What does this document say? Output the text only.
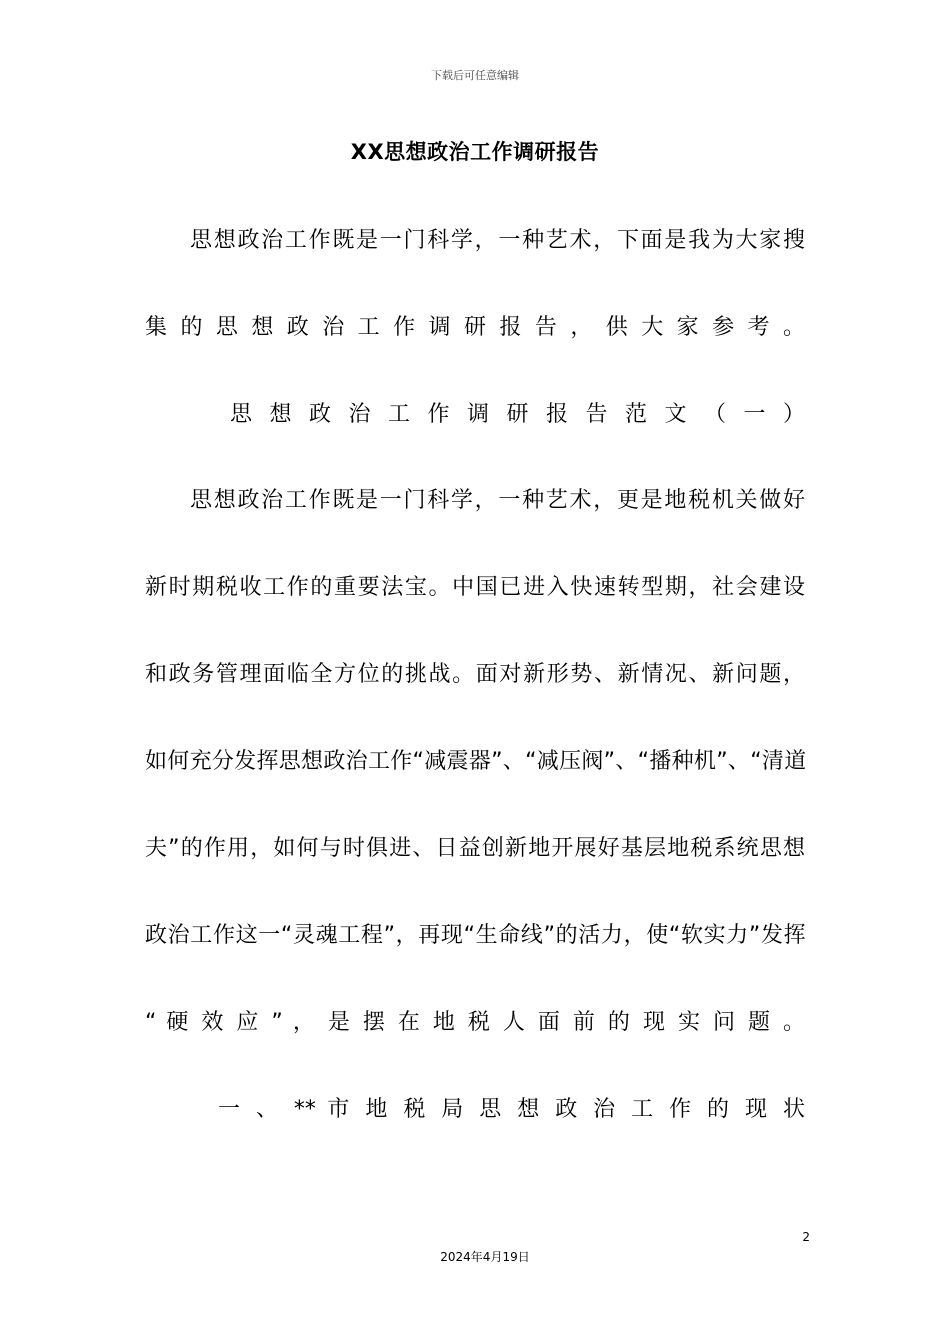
下载后可任意编辑
XX思想政治工作调研报告
思想政治工作既是一门科学，一种艺术，下面是我为大家搜
集 的 思 想 政 治 工 作 调 研 报 告 ， 供 大 家 参 考 。
思 想 政 治 工 作 调 研 报 告 范 文 （ 一 ）
思想政治工作既是一门科学，一种艺术，更是地税机关做好
新时期税收工作的重要法宝。中国已进入快速转型期，社会建设
和政务管理面临全方位的挑战。面对新形势、新情况、新问题，
如何充分发挥思想政治工作“减震器”、“减压阀”、“播种机”、“清道
夫”的作用，如何与时俱进、日益创新地开展好基层地税系统思想
政治工作这一“灵魂工程”，再现“生命线”的活力，使“软实力”发挥
“ 硬 效 应 ” ， 是 摆 在 地 税 人 面 前 的 现 实 问 题 。
一 、 ** 市 地 税 局 思 想 政 治 工 作 的 现 状
2
2024年4月19日
